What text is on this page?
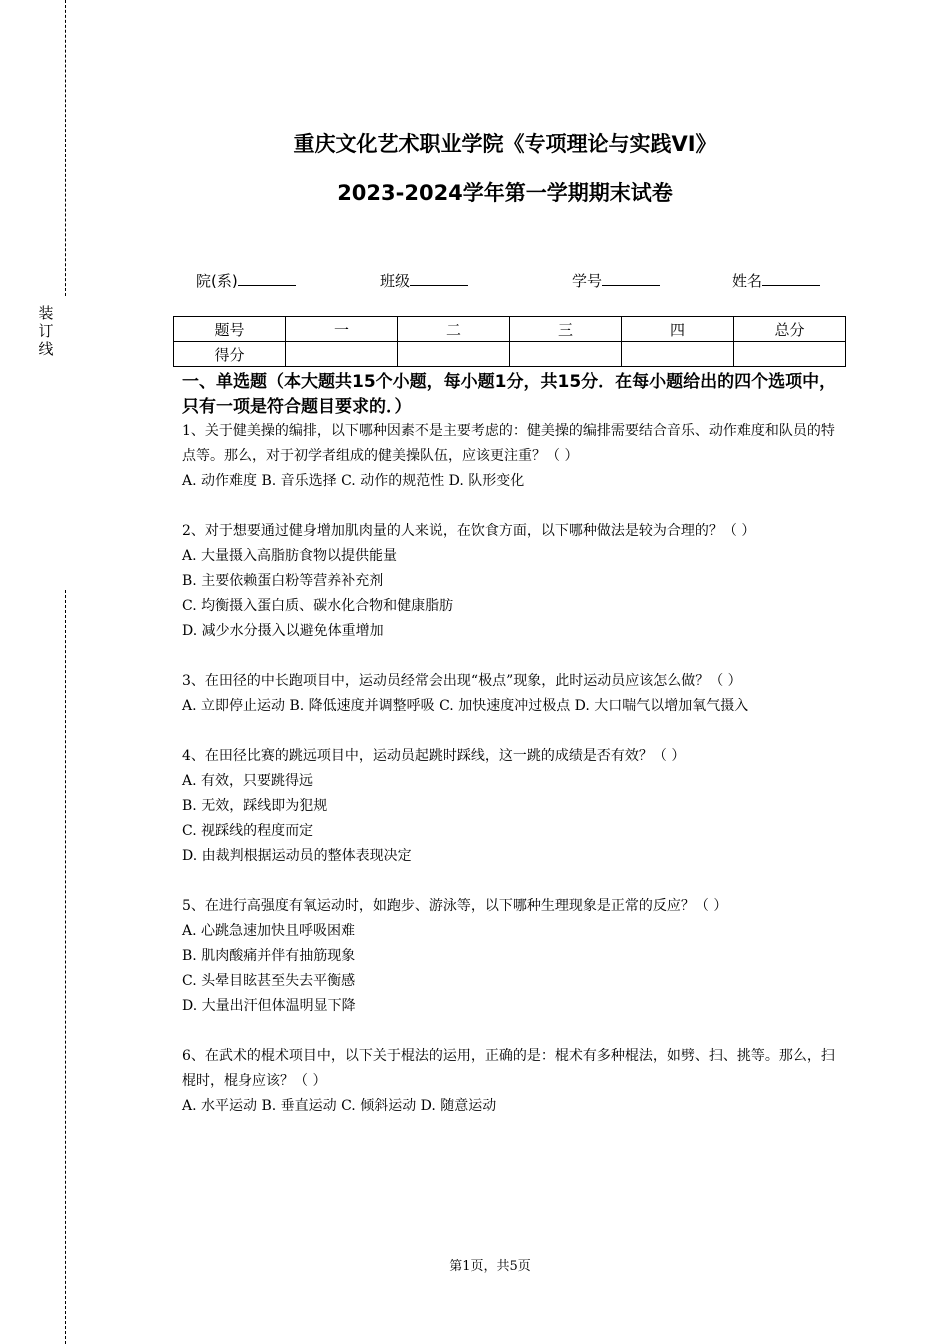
装
订
线
重庆文化艺术职业学院《专项理论与实践VI》
2023-2024学年第一学期期末试卷
院(系)	班级	学号	姓名
题号	一	二	三	四	总分
得分					
一、单选题（本大题共15个小题，每小题1分，共15分．在每小题给出的四个选项中，只有一项是符合题目要求的．）

1、关于健美操的编排，以下哪种因素不是主要考虑的：健美操的编排需要结合音乐、动作难度和队员的特点等。那么，对于初学者组成的健美操队伍，应该更注重？（ ）

A. 动作难度 B. 音乐选择 C. 动作的规范性 D. 队形变化

2、对于想要通过健身增加肌肉量的人来说，在饮食方面，以下哪种做法是较为合理的？（ ）

A. 大量摄入高脂肪食物以提供能量

B. 主要依赖蛋白粉等营养补充剂

C. 均衡摄入蛋白质、碳水化合物和健康脂肪

D. 减少水分摄入以避免体重增加

3、在田径的中长跑项目中，运动员经常会出现“极点”现象，此时运动员应该怎么做？（ ）

A. 立即停止运动 B. 降低速度并调整呼吸 C. 加快速度冲过极点 D. 大口喘气以增加氧气摄入

4、在田径比赛的跳远项目中，运动员起跳时踩线，这一跳的成绩是否有效？（ ）

A. 有效，只要跳得远

B. 无效，踩线即为犯规

C. 视踩线的程度而定

D. 由裁判根据运动员的整体表现决定

5、在进行高强度有氧运动时，如跑步、游泳等，以下哪种生理现象是正常的反应？（ ）

A. 心跳急速加快且呼吸困难

B. 肌肉酸痛并伴有抽筋现象

C. 头晕目眩甚至失去平衡感

D. 大量出汗但体温明显下降

6、在武术的棍术项目中，以下关于棍法的运用，正确的是：棍术有多种棍法，如劈、扫、挑等。那么，扫棍时，棍身应该？（ ）

A. 水平运动 B. 垂直运动 C. 倾斜运动 D. 随意运动

第1页，共5页
